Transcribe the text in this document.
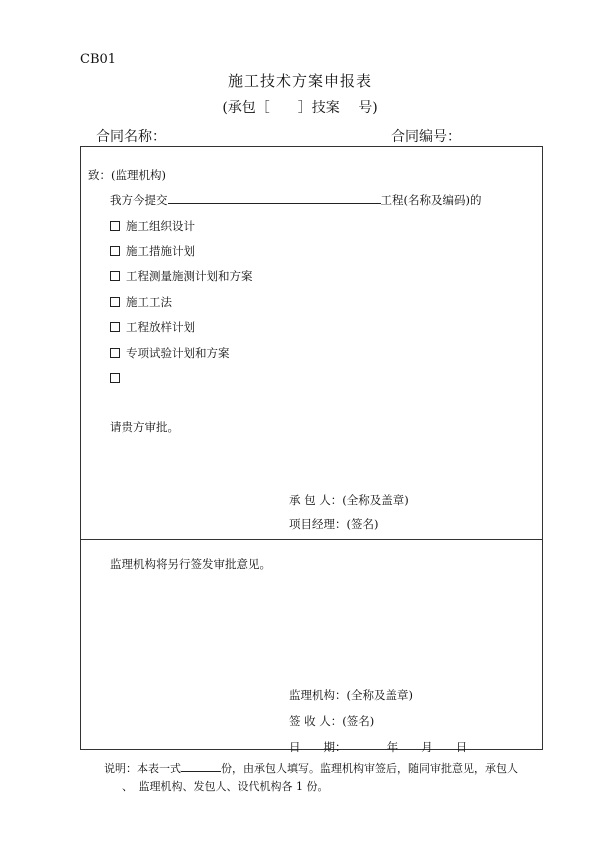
CB01
施工技术方案申报表
(承包［　　］技案　 号)
合同名称：	合同编号：
致：(监理机构)
我方今提交	工程(名称及编码)的
施工组织设计
施工措施计划
工程测量施测计划和方案
施工工法
工程放样计划
专项试验计划和方案
请贵方审批。
承 包 人：(全称及盖章)
项目经理：(签名)
监理机构将另行签发审批意见。
监理机构：(全称及盖章)
签 收 人：(签名)
日　　期：　　　　年　　月　　日
说明：本表一式	份，由承包人填写。监理机构审签后，随同审批意见，承包人
、　监理机构、发包人、设代机构各 1 份。
